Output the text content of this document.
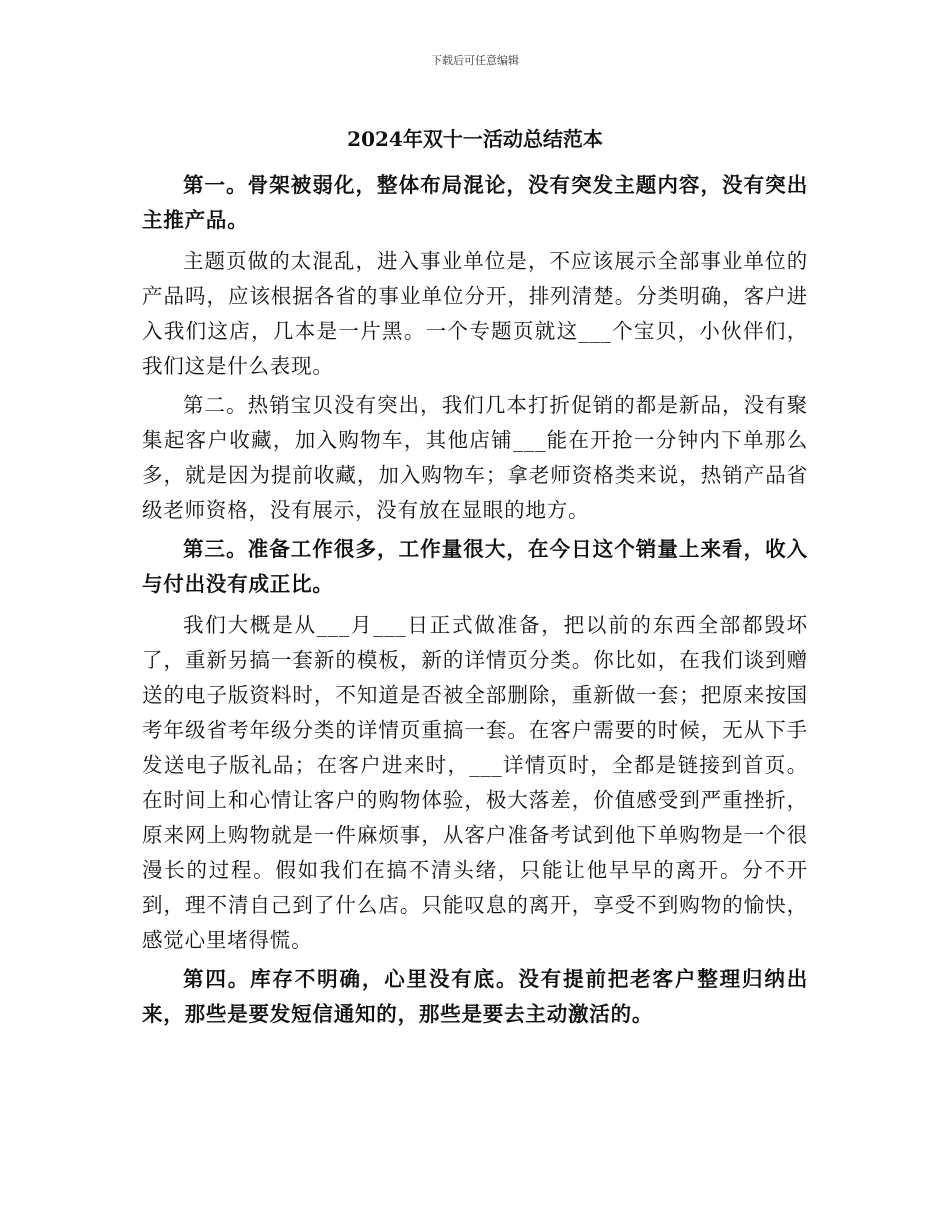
下载后可任意编辑
2024年双十一活动总结范本

第一。骨架被弱化，整体布局混论，没有突发主题内容，没有突出主推产品。

主题页做的太混乱，进入事业单位是，不应该展示全部事业单位的产品吗，应该根据各省的事业单位分开，排列清楚。分类明确，客户进入我们这店，几本是一片黑。一个专题页就这___个宝贝，小伙伴们，我们这是什么表现。

第二。热销宝贝没有突出，我们几本打折促销的都是新品，没有聚集起客户收藏，加入购物车，其他店铺___能在开抢一分钟内下单那么多，就是因为提前收藏，加入购物车；拿老师资格类来说，热销产品省级老师资格，没有展示，没有放在显眼的地方。

第三。准备工作很多，工作量很大，在今日这个销量上来看，收入与付出没有成正比。

我们大概是从___月___日正式做准备，把以前的东西全部都毁坏了，重新另搞一套新的模板，新的详情页分类。你比如，在我们谈到赠送的电子版资料时，不知道是否被全部删除，重新做一套；把原来按国考年级省考年级分类的详情页重搞一套。在客户需要的时候，无从下手发送电子版礼品；在客户进来时，___详情页时，全都是链接到首页。在时间上和心情让客户的购物体验，极大落差，价值感受到严重挫折，原来网上购物就是一件麻烦事，从客户准备考试到他下单购物是一个很漫长的过程。假如我们在搞不清头绪，只能让他早早的离开。分不开到，理不清自己到了什么店。只能叹息的离开，享受不到购物的愉快，感觉心里堵得慌。

第四。库存不明确，心里没有底。没有提前把老客户整理归纳出来，那些是要发短信通知的，那些是要去主动激活的。
